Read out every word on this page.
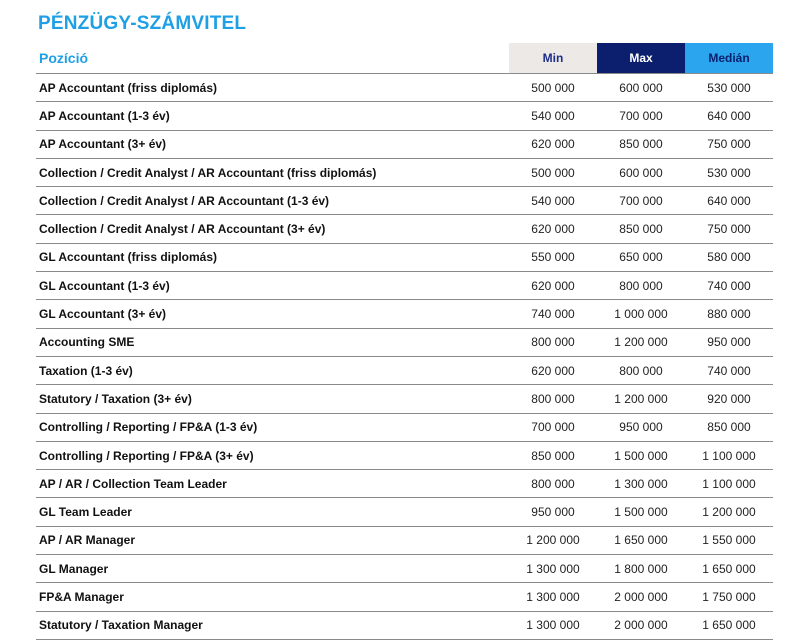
PÉNZÜGY-SZÁMVITEL
Pozíció	Min	Max	Medián
AP Accountant (friss diplomás)	500 000	600 000	530 000
AP Accountant (1-3 év)	540 000	700 000	640 000
AP Accountant (3+ év)	620 000	850 000	750 000
Collection / Credit Analyst / AR Accountant (friss diplomás)	500 000	600 000	530 000
Collection / Credit Analyst / AR Accountant (1-3 év)	540 000	700 000	640 000
Collection / Credit Analyst / AR Accountant (3+ év)	620 000	850 000	750 000
GL Accountant (friss diplomás)	550 000	650 000	580 000
GL Accountant (1-3 év)	620 000	800 000	740 000
GL Accountant (3+ év)	740 000	1 000 000	880 000
Accounting SME	800 000	1 200 000	950 000
Taxation (1-3 év)	620 000	800 000	740 000
Statutory / Taxation (3+ év)	800 000	1 200 000	920 000
Controlling / Reporting / FP&A (1-3 év)	700 000	950 000	850 000
Controlling / Reporting / FP&A (3+ év)	850 000	1 500 000	1 100 000
AP / AR / Collection Team Leader	800 000	1 300 000	1 100 000
GL Team Leader	950 000	1 500 000	1 200 000
AP / AR Manager	1 200 000	1 650 000	1 550 000
GL Manager	1 300 000	1 800 000	1 650 000
FP&A Manager	1 300 000	2 000 000	1 750 000
Statutory / Taxation Manager	1 300 000	2 000 000	1 650 000
